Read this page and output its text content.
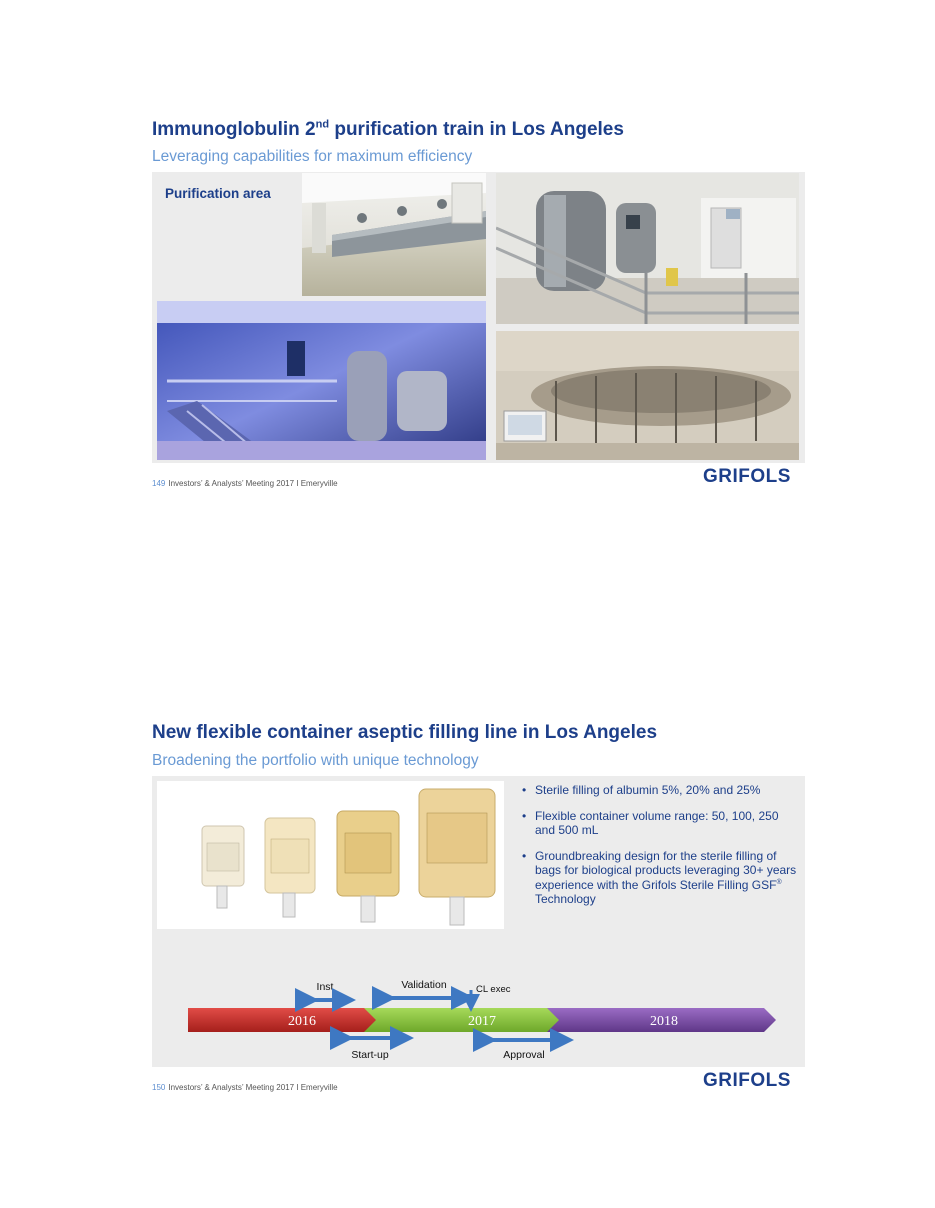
Immunoglobulin 2nd purification train in Los Angeles
Leveraging capabilities for maximum efficiency
Purification area
149 Investors’ & Analysts’ Meeting 2017 I Emeryville	GRIFOLS
New flexible container aseptic filling line in Los Angeles
Broadening the portfolio with unique technology
• Sterile filling of albumin 5%, 20% and 25%
• Flexible container volume range: 50, 100, 250 and 500 mL
• Groundbreaking design for the sterile filling of bags for biological products leveraging 30+ years experience with the Grifols Sterile Filling GSF® Technology
2016	2017	2018
Inst	Validation	CL exec
Start-up	Approval
150 Investors’ & Analysts’ Meeting 2017 I Emeryville	GRIFOLS
